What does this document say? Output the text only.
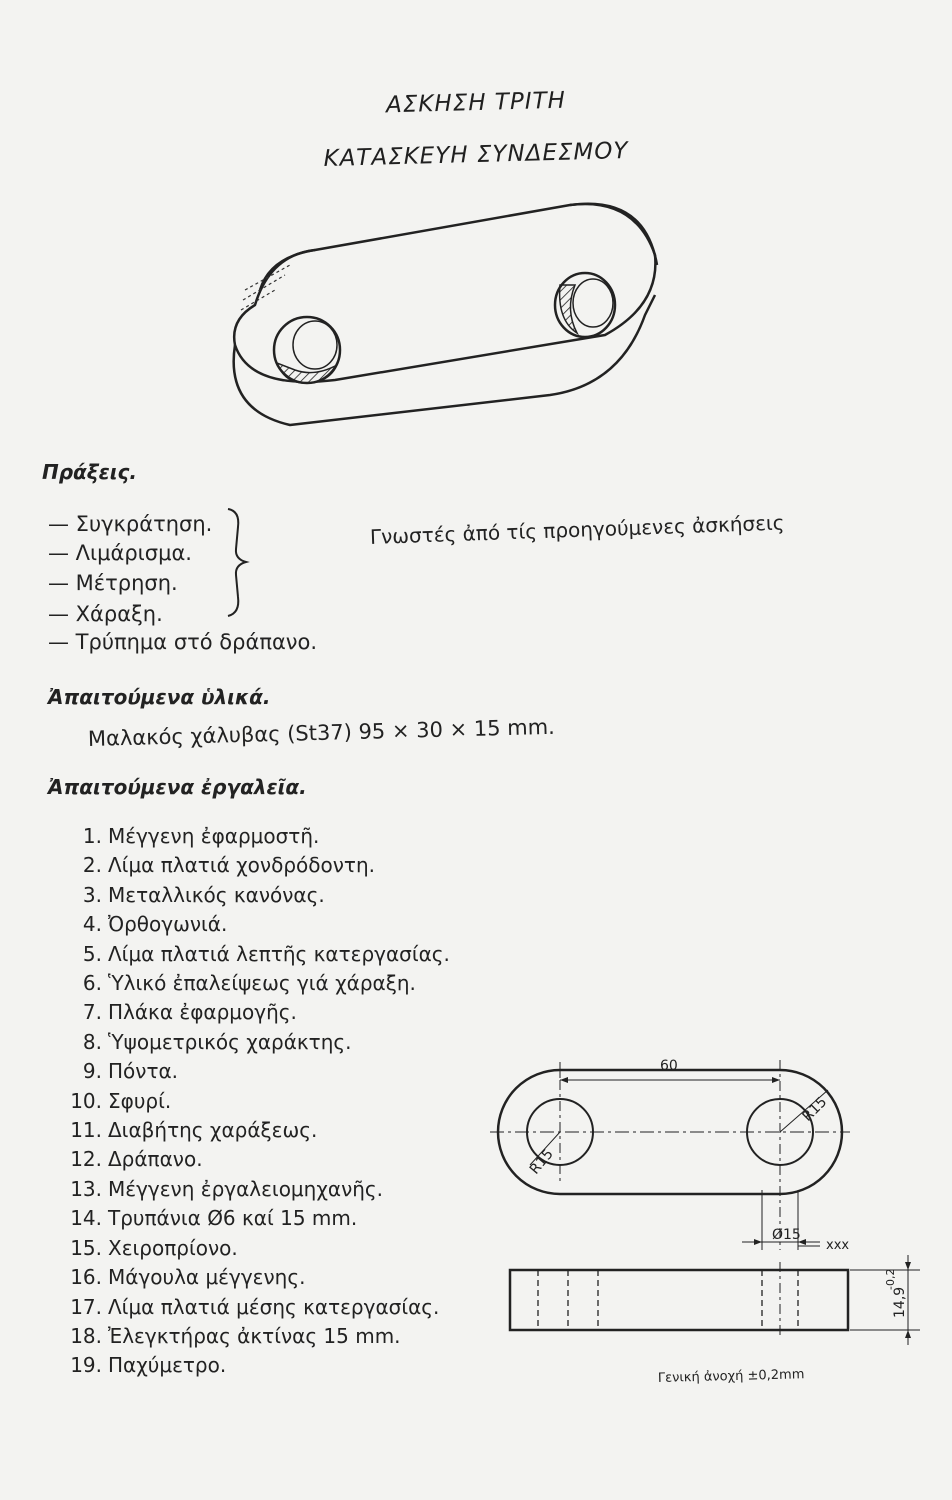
ΑΣΚΗΣΗ ΤΡΙΤΗ
ΚΑΤΑΣΚΕΥΗ ΣΥΝΔΕΣΜΟΥ
Πράξεις.
— Συγκράτηση.
— Λιμάρισμα.
— Μέτρηση.
— Χάραξη.
— Τρύπημα στό δράπανο.
Γνωστές ἀπό τίς προηγούμενες ἀσκήσεις
Ἀπαιτούμενα ὑλικά.
Μαλακός χάλυβας (St37) 95 × 30 × 15 mm.
Ἀπαιτούμενα ἐργαλεῖα.
1. Μέγγενη ἐφαρμοστῆ.
2. Λίμα πλατιά χονδρόδοντη.
3. Μεταλλικός κανόνας.
4. Ὀρθογωνιά.
5. Λίμα πλατιά λεπτῆς κατεργασίας.
6. Ὑλικό ἐπαλείψεως γιά χάραξη.
7. Πλάκα ἐφαρμογῆς.
8. Ὑψομετρικός χαράκτης.
9. Πόντα.
10. Σφυρί.
11. Διαβήτης χαράξεως.
12. Δράπανο.
13. Μέγγενη ἐργαλειομηχανῆς.
14. Τρυπάνια Ø6 καί 15 mm.
15. Χειροπρίονο.
16. Μάγουλα μέγγενης.
17. Λίμα πλατιά μέσης κατεργασίας.
18. Ἐλεγκτήρας ἀκτίνας 15 mm.
19. Παχύμετρο.
60
R15
R15
Ø15
xxx
14,9
-0,2
Γενική ἀνοχή ±0,2mm
